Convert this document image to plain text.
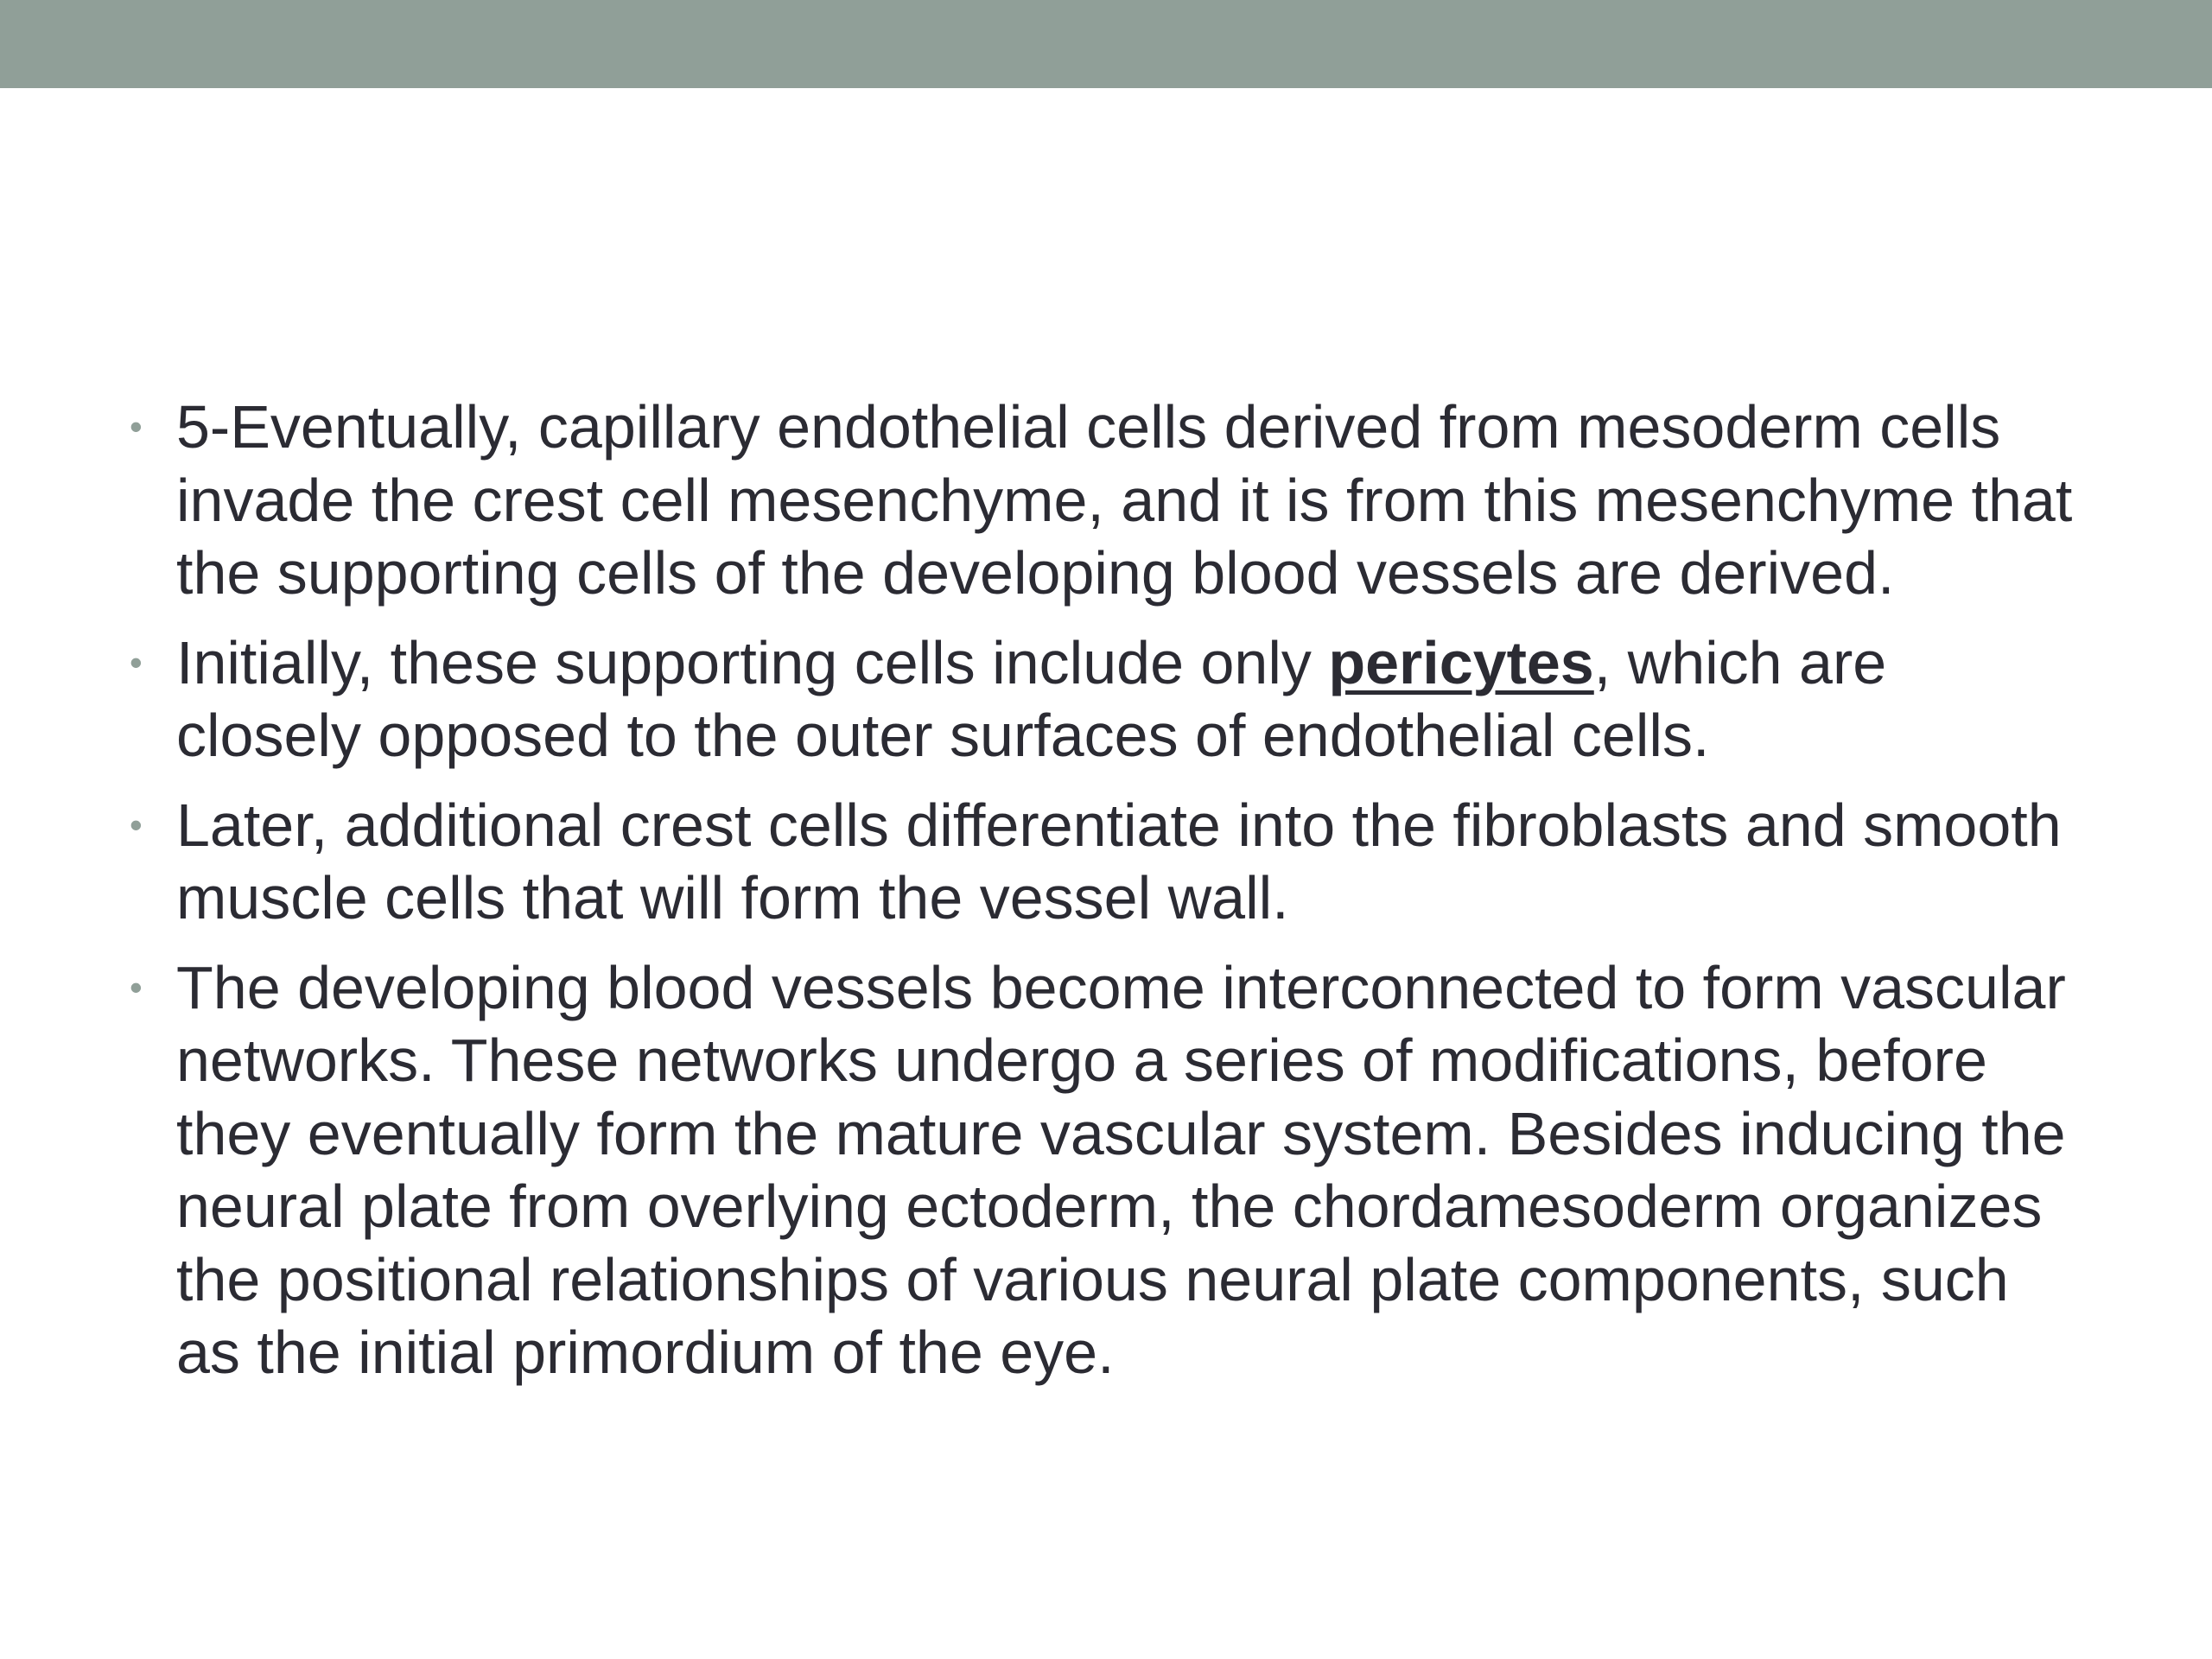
• 5-Eventually, capillary endothelial cells derived from mesoderm cells invade the crest cell mesenchyme, and it is from this mesenchyme that the supporting cells of the developing blood vessels are derived.
• Initially, these supporting cells include only pericytes, which are closely opposed to the outer surfaces of endothelial cells.
• Later, additional crest cells differentiate into the fibroblasts and smooth muscle cells that will form the vessel wall.
• The developing blood vessels become interconnected to form vascular networks. These networks undergo a series of modifications, before they eventually form the mature vascular system. Besides inducing the neural plate from overlying ectoderm, the chordamesoderm organizes the positional relationships of various neural plate components, such as the initial primordium of the eye.
